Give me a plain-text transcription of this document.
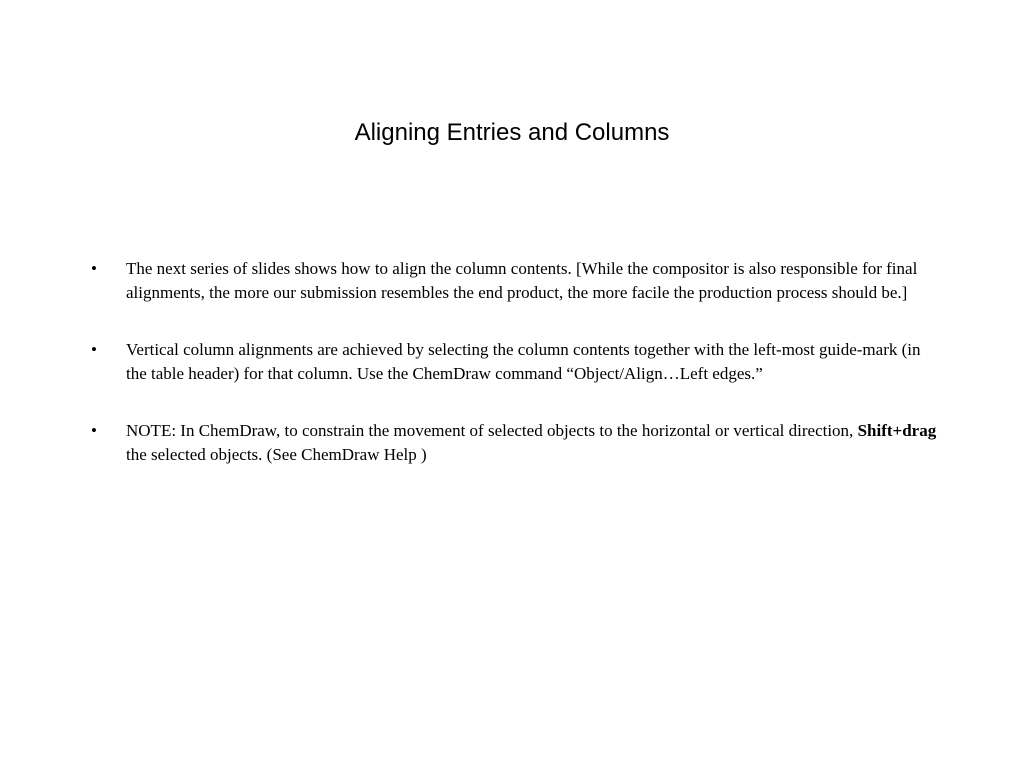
Aligning Entries and Columns
•	The next series of slides shows how to align the column contents. [While the compositor is also responsible for final alignments, the more our submission resembles the end product, the more facile the production process should be.]
•	Vertical column alignments are achieved by selecting the column contents together with the left-most guide-mark (in the table header) for that column. Use the ChemDraw command “Object/Align…Left edges.”
•	NOTE: In ChemDraw, to constrain the movement of selected objects to the horizontal or vertical direction, Shift+drag the selected objects. (See ChemDraw Help )
